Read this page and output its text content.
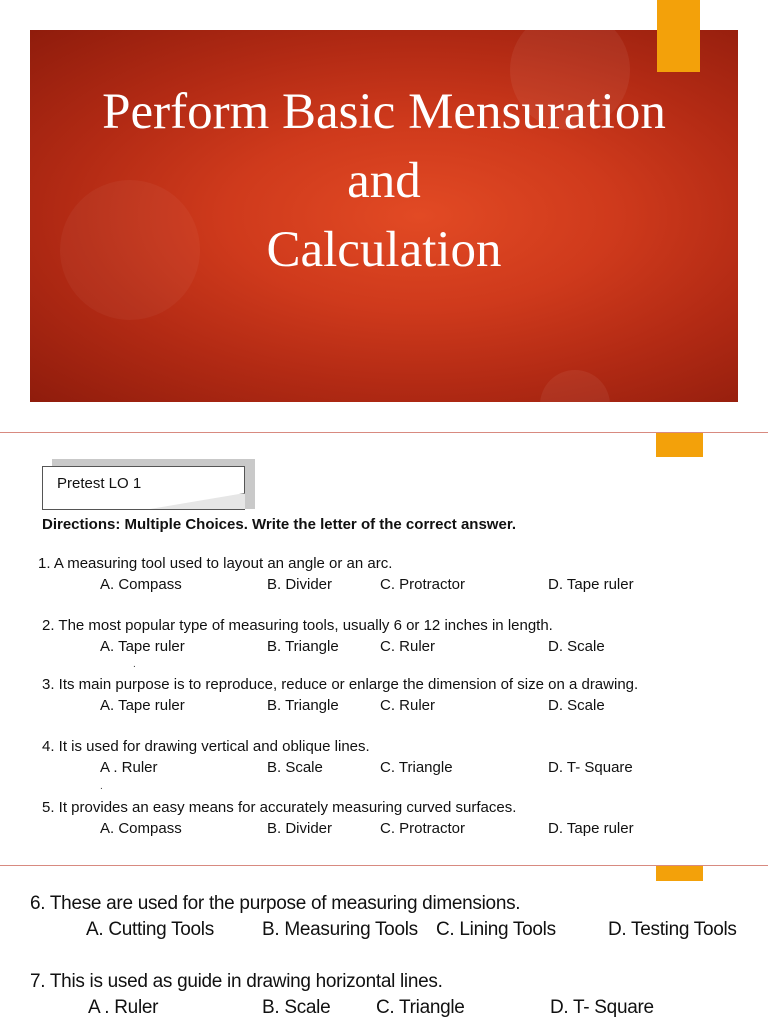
Perform Basic Mensuration
and
Calculation
Pretest LO 1
Directions: Multiple Choices. Write the letter of the correct answer.
1. A measuring tool used to layout an angle or an arc.
A. Compass	B. Divider	C. Protractor	D. Tape ruler
2. The most popular type of measuring tools, usually 6 or 12 inches in length.
A. Tape ruler	B. Triangle	C. Ruler	D. Scale
.
3. Its main purpose is to reproduce, reduce or enlarge the dimension of size on a drawing.
A. Tape ruler	B. Triangle	C. Ruler	D. Scale
4. It is used for drawing vertical and oblique lines.
A . Ruler	B. Scale	C. Triangle	D. T- Square
.
5. It provides an easy means for accurately measuring curved surfaces.
A. Compass	B. Divider	C. Protractor	D. Tape ruler
6. These are used for the purpose of measuring dimensions.
A. Cutting Tools	B. Measuring Tools C. Lining Tools	D. Testing Tools
7. This is used as guide in drawing horizontal lines.
A . Ruler	B. Scale C. Triangle	D. T- Square
